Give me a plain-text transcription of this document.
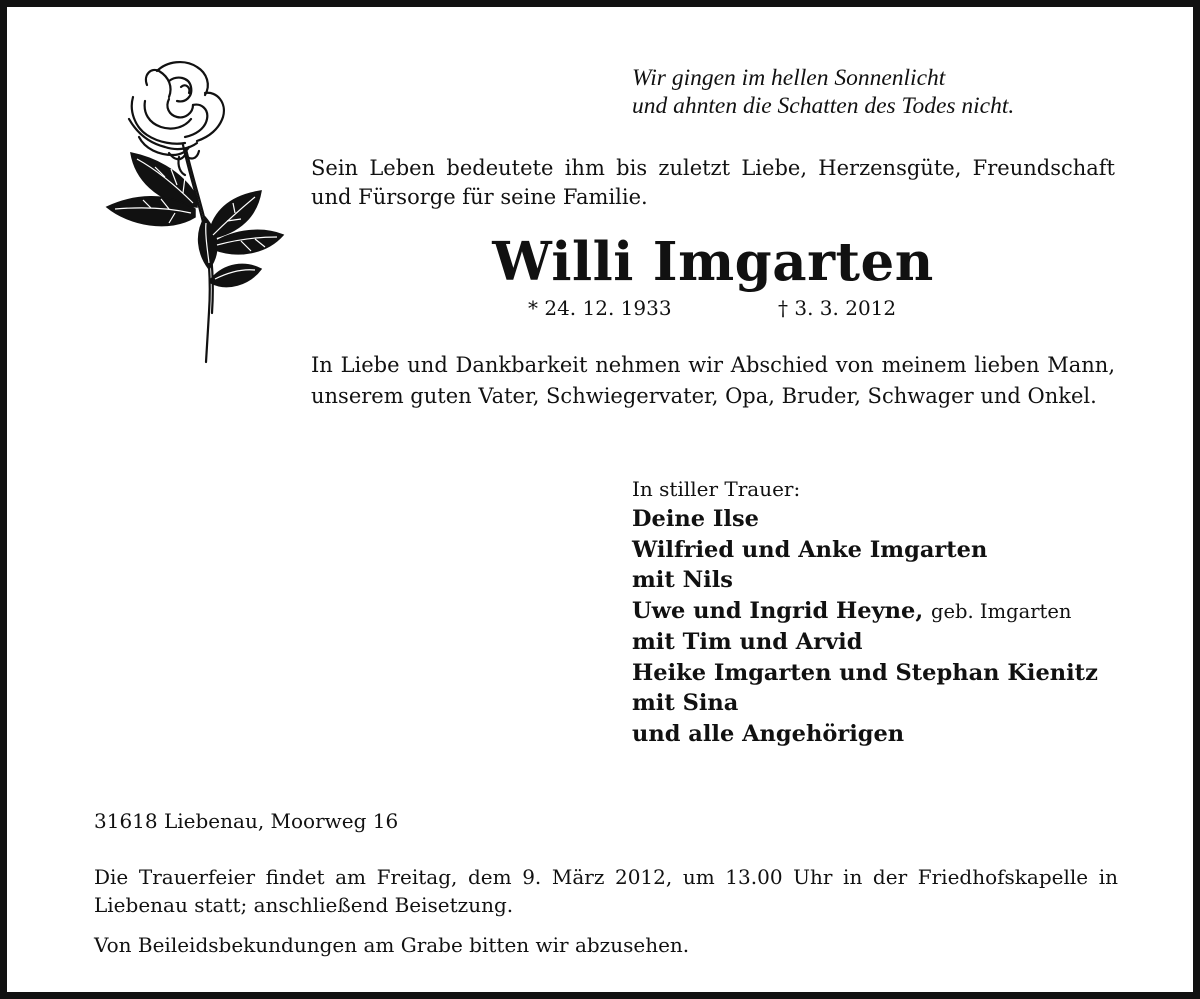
Wir gingen im hellen Sonnenlicht
und ahnten die Schatten des Todes nicht.
Sein Leben bedeutete ihm bis zuletzt Liebe, Herzensgüte, Freundschaft und Fürsorge für seine Familie.
Willi Imgarten
* 24. 12. 1933	† 3. 3. 2012
In Liebe und Dankbarkeit nehmen wir Abschied von meinem lieben Mann, unserem guten Vater, Schwiegervater, Opa, Bruder, Schwager und Onkel.
In stiller Trauer:
Deine Ilse
Wilfried und Anke Imgarten
mit Nils
Uwe und Ingrid Heyne, geb. Imgarten
mit Tim und Arvid
Heike Imgarten und Stephan Kienitz
mit Sina
und alle Angehörigen
31618 Liebenau, Moorweg 16
Die Trauerfeier findet am Freitag, dem 9. März 2012, um 13.00 Uhr in der Friedhofskapelle in Liebenau statt; anschließend Beisetzung.
Von Beileidsbekundungen am Grabe bitten wir abzusehen.
